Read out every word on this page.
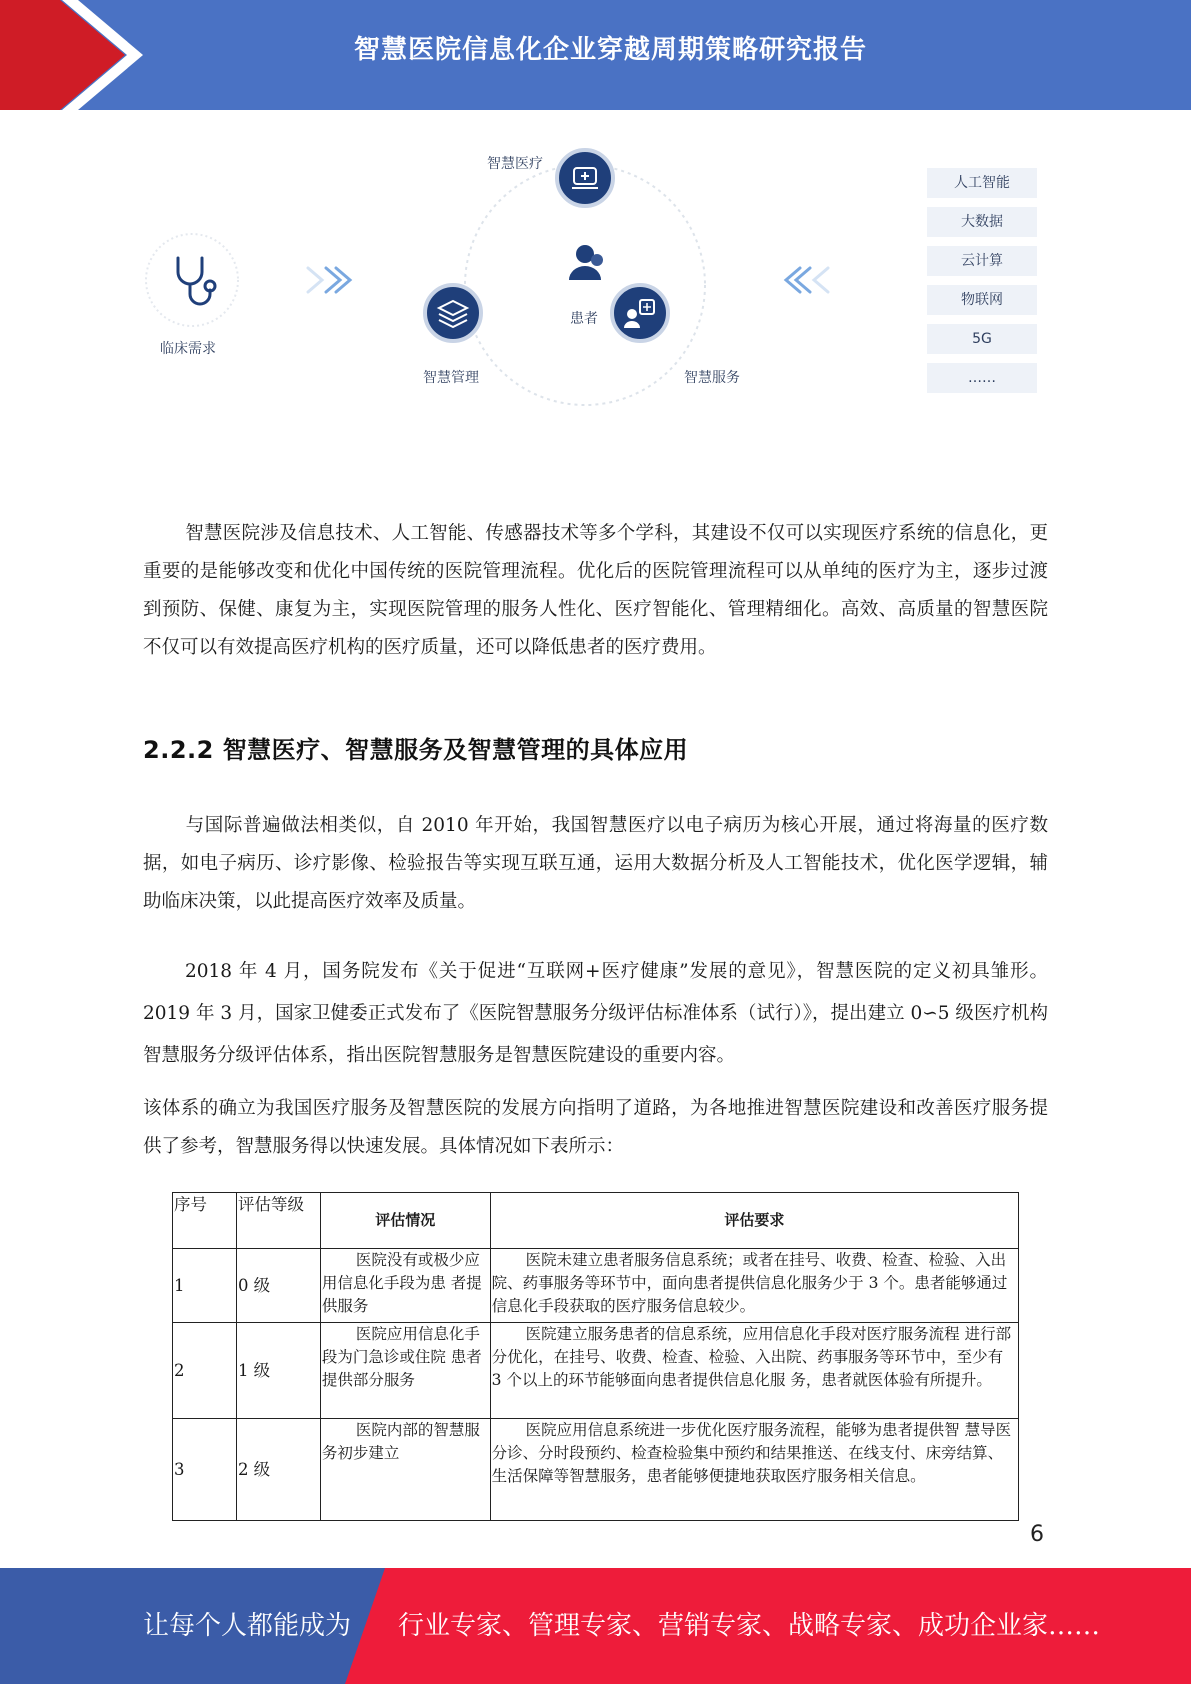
智慧医院信息化企业穿越周期策略研究报告
智慧医疗
患者
智慧管理	智慧服务
临床需求
人工智能
大数据
云计算
物联网
5G
……
智慧医院涉及信息技术、人工智能、传感器技术等多个学科，其建设不仅可以实现医疗系统的信息化，更重要的是能够改变和优化中国传统的医院管理流程。优化后的医院管理流程可以从单纯的医疗为主，逐步过渡到预防、保健、康复为主，实现医院管理的服务人性化、医疗智能化、管理精细化。高效、高质量的智慧医院不仅可以有效提高医疗机构的医疗质量，还可以降低患者的医疗费用。
2.2.2 智慧医疗、智慧服务及智慧管理的具体应用
与国际普遍做法相类似，自 2010 年开始，我国智慧医疗以电子病历为核心开展，通过将海量的医疗数据，如电子病历、诊疗影像、检验报告等实现互联互通，运用大数据分析及人工智能技术，优化医学逻辑，辅助临床决策，以此提高医疗效率及质量。
2018 年 4 月，国务院发布《关于促进“互联网+医疗健康”发展的意见》，智慧医院的定义初具雏形。2019 年 3 月，国家卫健委正式发布了《医院智慧服务分级评估标准体系（试行）》，提出建立 0∽5 级医疗机构智慧服务分级评估体系，指出医院智慧服务是智慧医院建设的重要内容。
该体系的确立为我国医疗服务及智慧医院的发展方向指明了道路，为各地推进智慧医院建设和改善医疗服务提供了参考，智慧服务得以快速发展。具体情况如下表所示：
序号	评估等级	评估情况	评估要求
1	0 级	医院没有或极少应 用信息化手段为患 者提供服务	医院未建立患者服务信息系统；或者在挂号、收费、检查、检验、入出院、药事服务等环节中，面向患者提供信息化服务少于 3 个。患者能够通过信息化手段获取的医疗服务信息较少。
2	1 级	医院应用信息化手 段为门急诊或住院 患者提供部分服务	医院建立服务患者的信息系统，应用信息化手段对医疗服务流程 进行部分优化，在挂号、收费、检查、检验、入出院、药事服务等环节中，至少有 3 个以上的环节能够面向患者提供信息化服 务，患者就医体验有所提升。
3	2 级	医院内部的智慧服 务初步建立	医院应用信息系统进一步优化医疗服务流程，能够为患者提供智 慧导医分诊、分时段预约、检查检验集中预约和结果推送、在线支付、床旁结算、生活保障等智慧服务，患者能够便捷地获取医疗服务相关信息。
6
让每个人都能成为 行业专家、管理专家、营销专家、战略专家、成功企业家……
